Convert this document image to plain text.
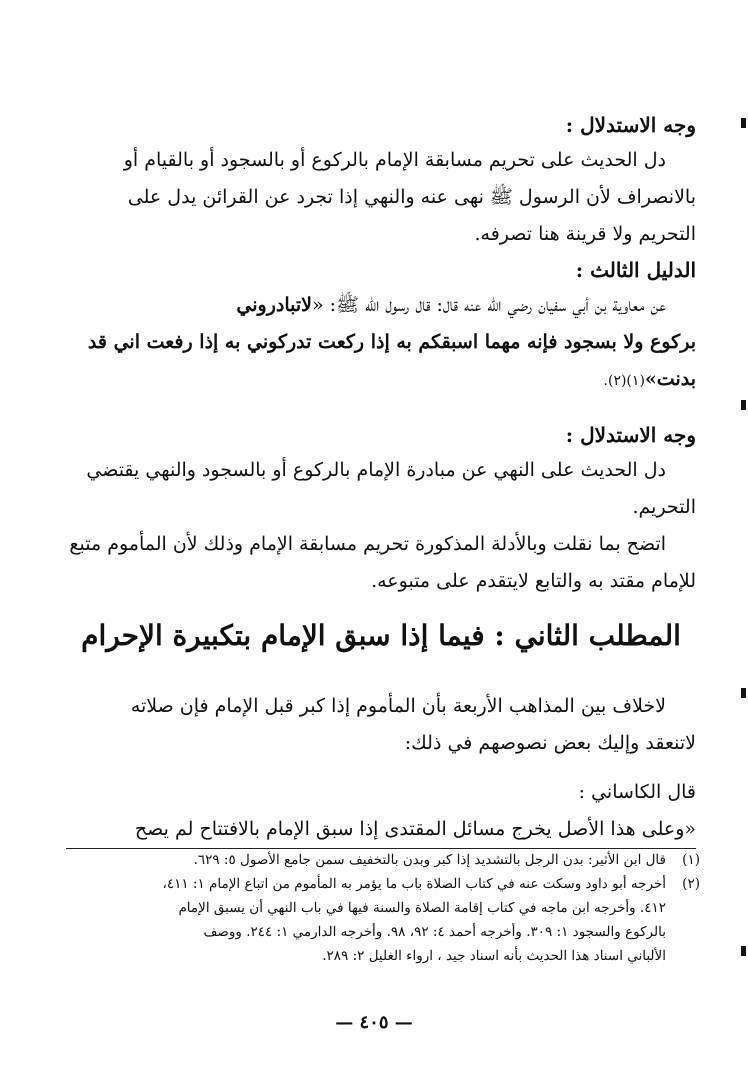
وجه الاستدلال :
دل الحديث على تحريم مسابقة الإمام بالركوع أو بالسجود أو بالقيام أو
بالانصراف لأن الرسول ﷺ نهى عنه والنهي إذا تجرد عن القرائن يدل على
التحريم ولا قرينة هنا تصرفه.
الدليل الثالث :
عن معاوية بن أبي سفيان رضي الله عنه قال: قال رسول الله ﷺ: «لاتبادروني
بركوع ولا بسجود فإنه مهما اسبقكم به إذا ركعت تدركوني به إذا رفعت اني قد
بدنت»(١)(٢).
وجه الاستدلال :
دل الحديث على النهي عن مبادرة الإمام بالركوع أو بالسجود والنهي يقتضي
التحريم.
اتضح بما نقلت وبالأدلة المذكورة تحريم مسابقة الإمام وذلك لأن المأموم متبع
للإمام مقتد به والتابع لايتقدم على متبوعه.
المطلب الثاني : فيما إذا سبق الإمام بتكبيرة الإحرام
لاخلاف بين المذاهب الأربعة بأن المأموم إذا كبر قبل الإمام فإن صلاته
لاتنعقد وإليك بعض نصوصهم في ذلك:
قال الكاساني :
«وعلى هذا الأصل يخرج مسائل المقتدى إذا سبق الإمام بالافتتاح لم يصح
(١)
قال ابن الأثير: بدن الرجل بالتشديد إذا كبر وبدن بالتخفيف سمن جامع الأصول ٥: ٦٢٩.
(٢)
أخرجه أبو داود وسكت عنه في كتاب الصلاة باب ما يؤمر به المأموم من اتباع الإمام ١: ٤١١،
٤١٢. وأخرجه ابن ماجه في كتاب إقامة الصلاة والسنة فيها في باب النهي أن يسبق الإمام
بالركوع والسجود ١: ٣٠٩. وأخرجه أحمد ٤: ٩٢، ٩٨. وأخرجه الدارمي ١: ٢٤٤. ووصف
الألباني اسناد هذا الحديث بأنه اسناد جيد ، ارواء الغليل ٢: ٢٨٩.
— ٤٠٥ —
